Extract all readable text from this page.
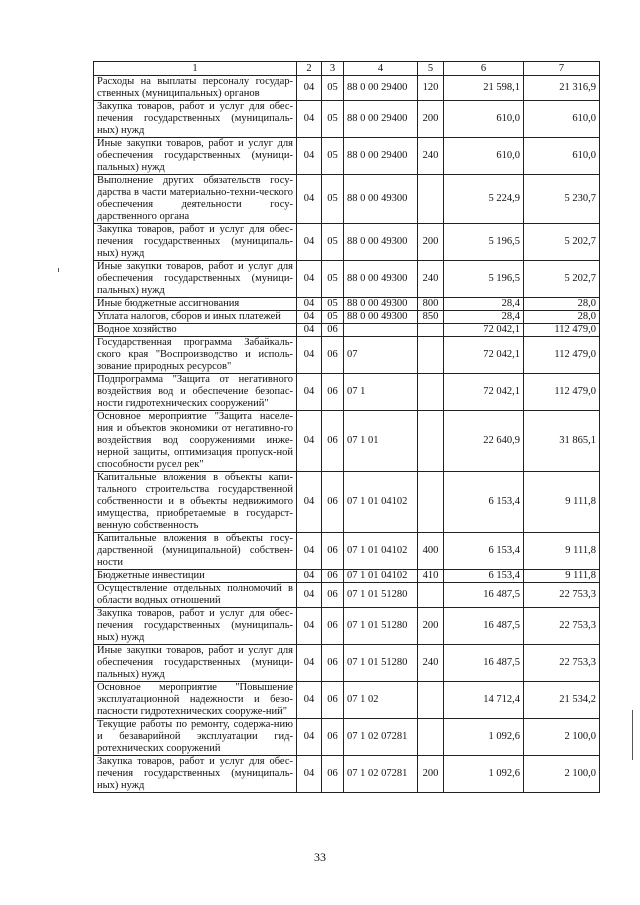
1	2	3	4	5	6	7
Расходы на выплаты персоналу государ-ственных (муниципальных) органов	04	05	88 0 00 29400	120	21 598,1	21 316,9
Закупка товаров, работ и услуг для обес-печения государственных (муниципаль-ных) нужд	04	05	88 0 00 29400	200	610,0	610,0
Иные закупки товаров, работ и услуг для обеспечения государственных (муници-пальных) нужд	04	05	88 0 00 29400	240	610,0	610,0
Выполнение других обязательств госу-дарства в части материально-техни-ческого обеспечения деятельности госу-дарственного органа	04	05	88 0 00 49300		5 224,9	5 230,7
Закупка товаров, работ и услуг для обес-печения государственных (муниципаль-ных) нужд	04	05	88 0 00 49300	200	5 196,5	5 202,7
Иные закупки товаров, работ и услуг для обеспечения государственных (муници-пальных) нужд	04	05	88 0 00 49300	240	5 196,5	5 202,7
Иные бюджетные ассигнования	04	05	88 0 00 49300	800	28,4	28,0
Уплата налогов, сборов и иных платежей	04	05	88 0 00 49300	850	28,4	28,0
Водное хозяйство	04	06			72 042,1	112 479,0
Государственная программа Забайкаль-ского края "Воспроизводство и исполь-зование природных ресурсов"	04	06	07		72 042,1	112 479,0
Подпрограмма "Защита от негативного воздействия вод и обеспечение безопас-ности гидротехнических сооружений"	04	06	07 1		72 042,1	112 479,0
Основное мероприятие "Защита населе-ния и объектов экономики от негативно-го воздействия вод сооружениями инже-нерной защиты, оптимизация пропуск-ной способности русел рек"	04	06	07 1 01		22 640,9	31 865,1
Капитальные вложения в объекты капи-тального строительства государственной собственности и в объекты недвижимого имущества, приобретаемые в государст-венную собственность	04	06	07 1 01 04102		6 153,4	9 111,8
Капитальные вложения в объекты госу-дарственной (муниципальной) собствен-ности	04	06	07 1 01 04102	400	6 153,4	9 111,8
Бюджетные инвестиции	04	06	07 1 01 04102	410	6 153,4	9 111,8
Осуществление отдельных полномочий в области водных отношений	04	06	07 1 01 51280		16 487,5	22 753,3
Закупка товаров, работ и услуг для обес-печения государственных (муниципаль-ных) нужд	04	06	07 1 01 51280	200	16 487,5	22 753,3
Иные закупки товаров, работ и услуг для обеспечения государственных (муници-пальных) нужд	04	06	07 1 01 51280	240	16 487,5	22 753,3
Основное мероприятие "Повышение эксплуатационной надежности и безо-пасности гидротехнических сооруже-ний"	04	06	07 1 02		14 712,4	21 534,2
Текущие работы по ремонту, содержа-нию и безаварийной эксплуатации гид-ротехнических сооружений	04	06	07 1 02 07281		1 092,6	2 100,0
Закупка товаров, работ и услуг для обес-печения государственных (муниципаль-ных) нужд	04	06	07 1 02 07281	200	1 092,6	2 100,0
33
